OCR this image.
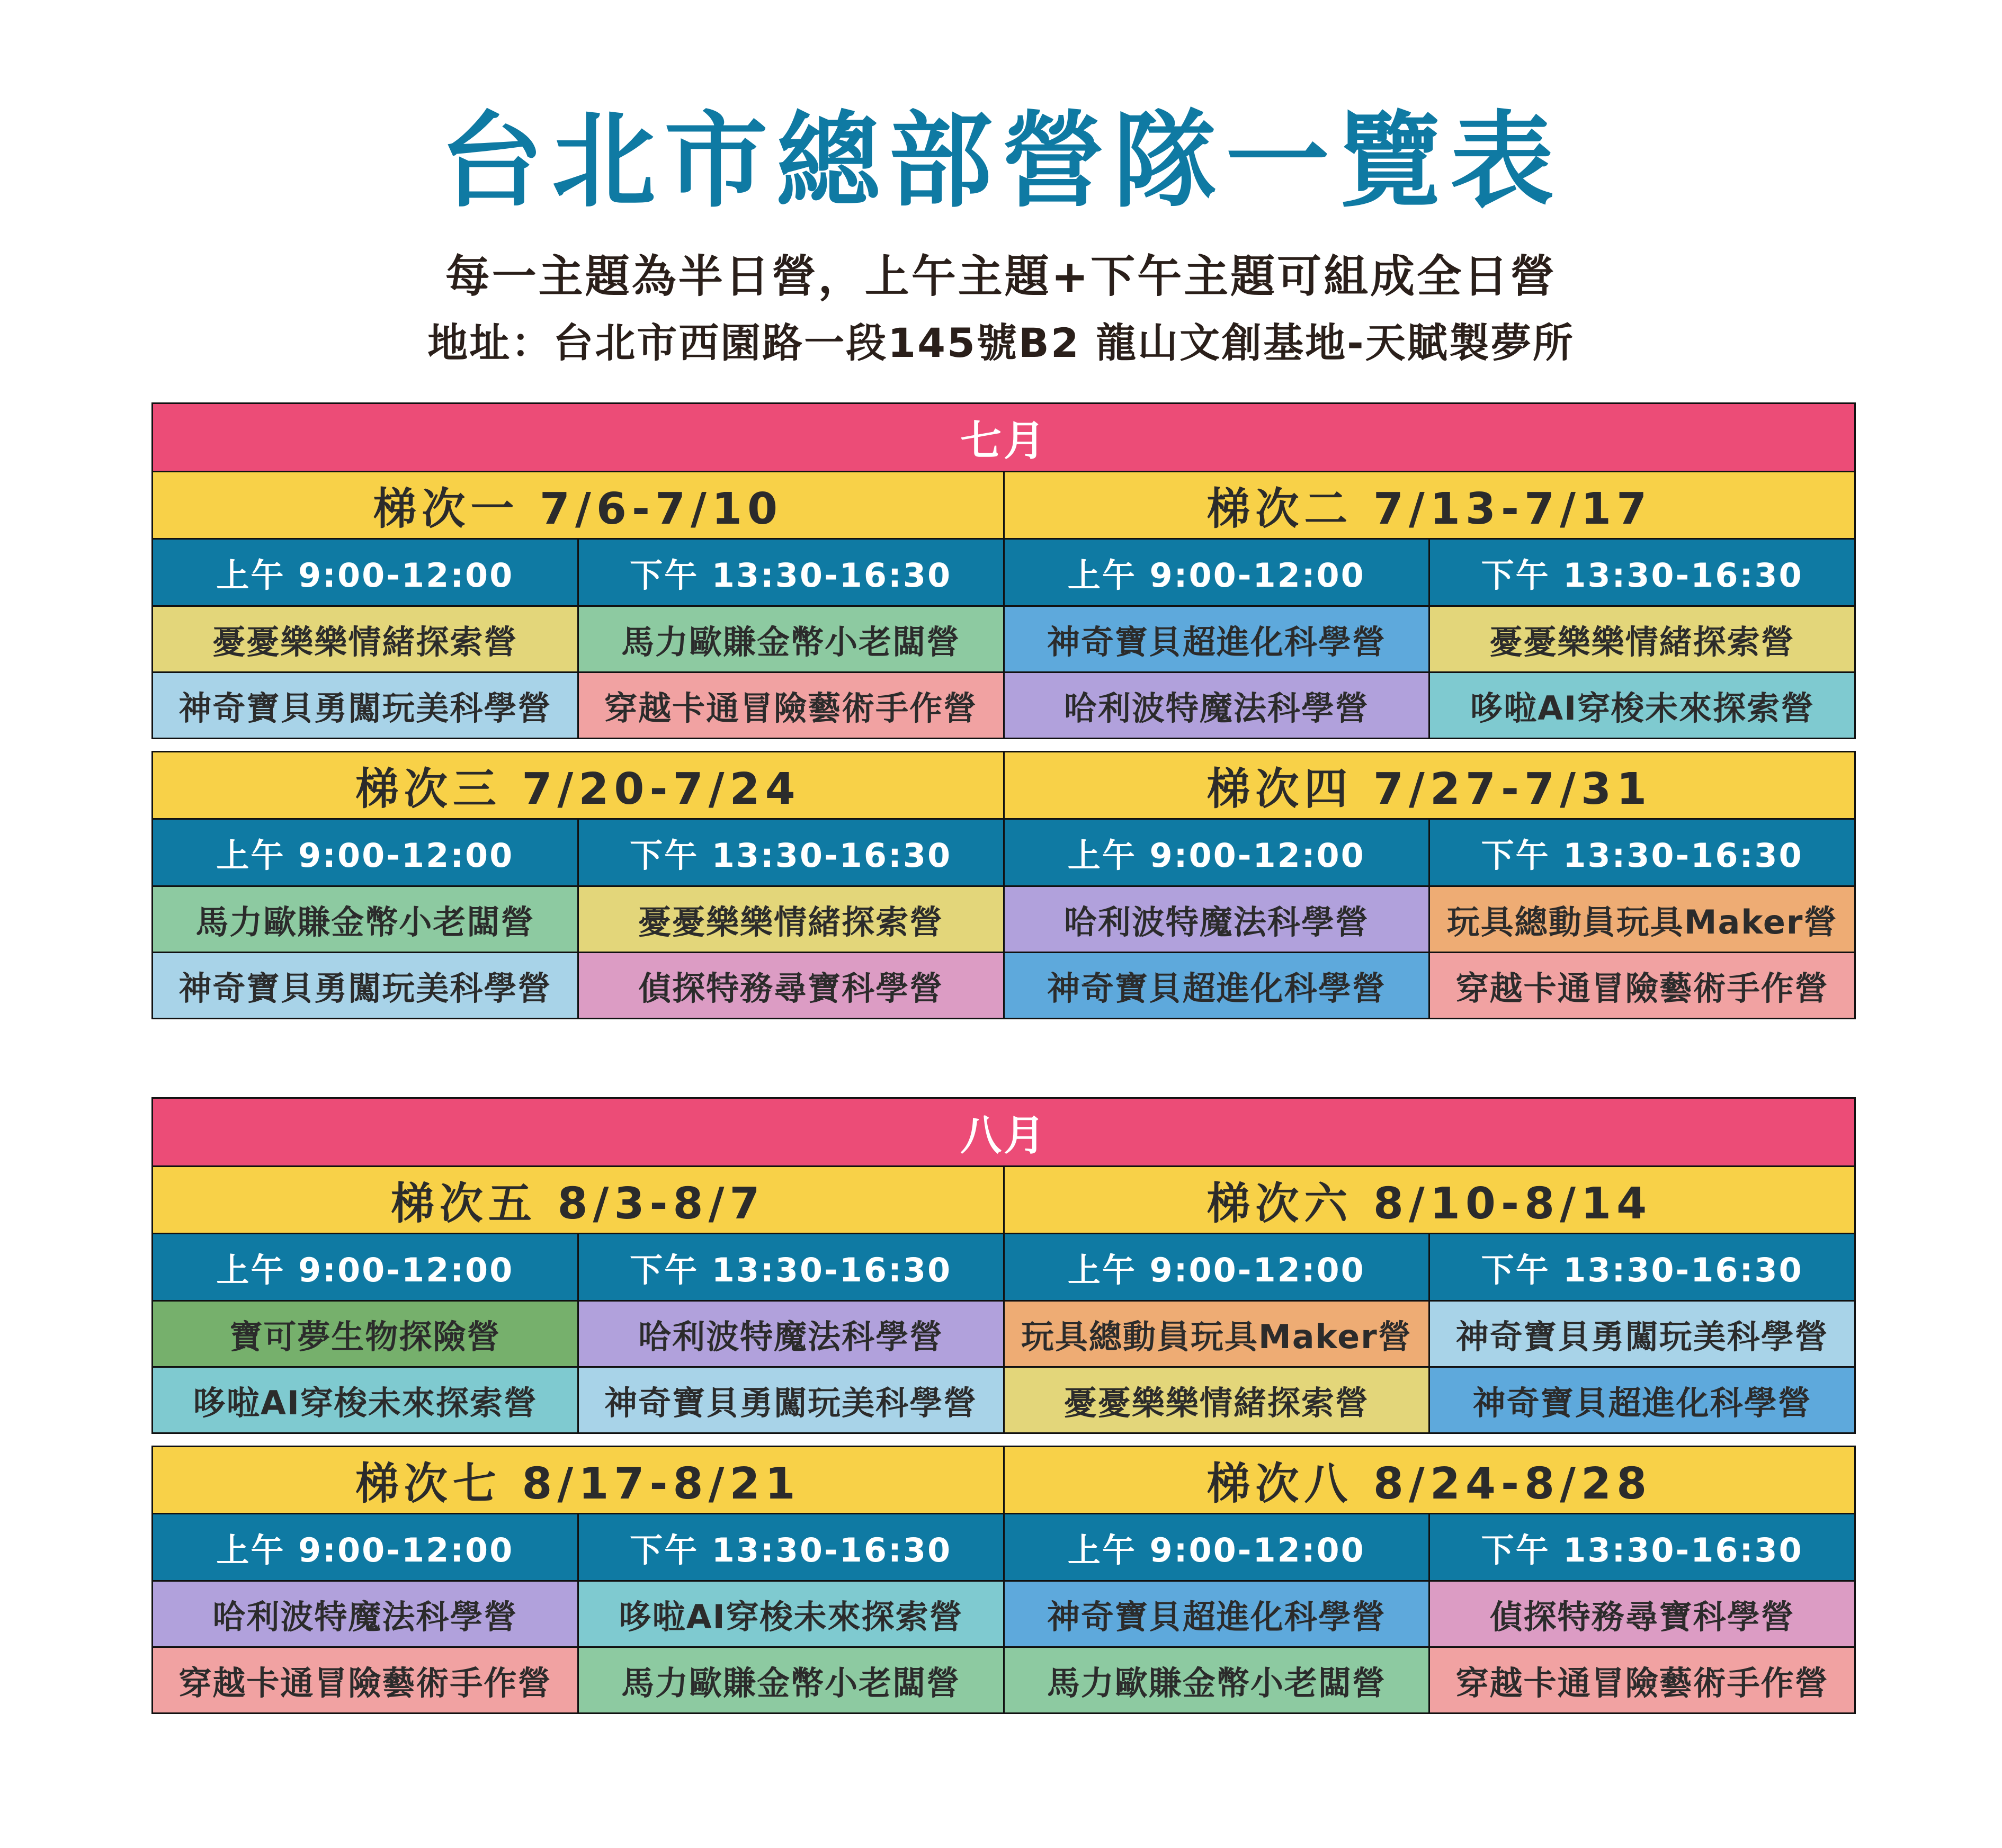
台北市總部營隊一覽表
每一主題為半日營，上午主題+下午主題可組成全日營
地址：台北市西園路一段145號B2 龍山文創基地-天賦製夢所
七月
梯次一 7/6-7/10	梯次二 7/13-7/17
上午 9:00-12:00	下午 13:30-16:30	上午 9:00-12:00	下午 13:30-16:30
憂憂樂樂情緒探索營	馬力歐賺金幣小老闆營	神奇寶貝超進化科學營	憂憂樂樂情緒探索營
神奇寶貝勇闖玩美科學營	穿越卡通冒險藝術手作營	哈利波特魔法科學營	哆啦AI穿梭未來探索營
梯次三 7/20-7/24	梯次四 7/27-7/31
上午 9:00-12:00	下午 13:30-16:30	上午 9:00-12:00	下午 13:30-16:30
馬力歐賺金幣小老闆營	憂憂樂樂情緒探索營	哈利波特魔法科學營	玩具總動員玩具Maker營
神奇寶貝勇闖玩美科學營	偵探特務尋寶科學營	神奇寶貝超進化科學營	穿越卡通冒險藝術手作營
八月
梯次五 8/3-8/7	梯次六 8/10-8/14
上午 9:00-12:00	下午 13:30-16:30	上午 9:00-12:00	下午 13:30-16:30
寶可夢生物探險營	哈利波特魔法科學營	玩具總動員玩具Maker營	神奇寶貝勇闖玩美科學營
哆啦AI穿梭未來探索營	神奇寶貝勇闖玩美科學營	憂憂樂樂情緒探索營	神奇寶貝超進化科學營
梯次七 8/17-8/21	梯次八 8/24-8/28
上午 9:00-12:00	下午 13:30-16:30	上午 9:00-12:00	下午 13:30-16:30
哈利波特魔法科學營	哆啦AI穿梭未來探索營	神奇寶貝超進化科學營	偵探特務尋寶科學營
穿越卡通冒險藝術手作營	馬力歐賺金幣小老闆營	馬力歐賺金幣小老闆營	穿越卡通冒險藝術手作營
